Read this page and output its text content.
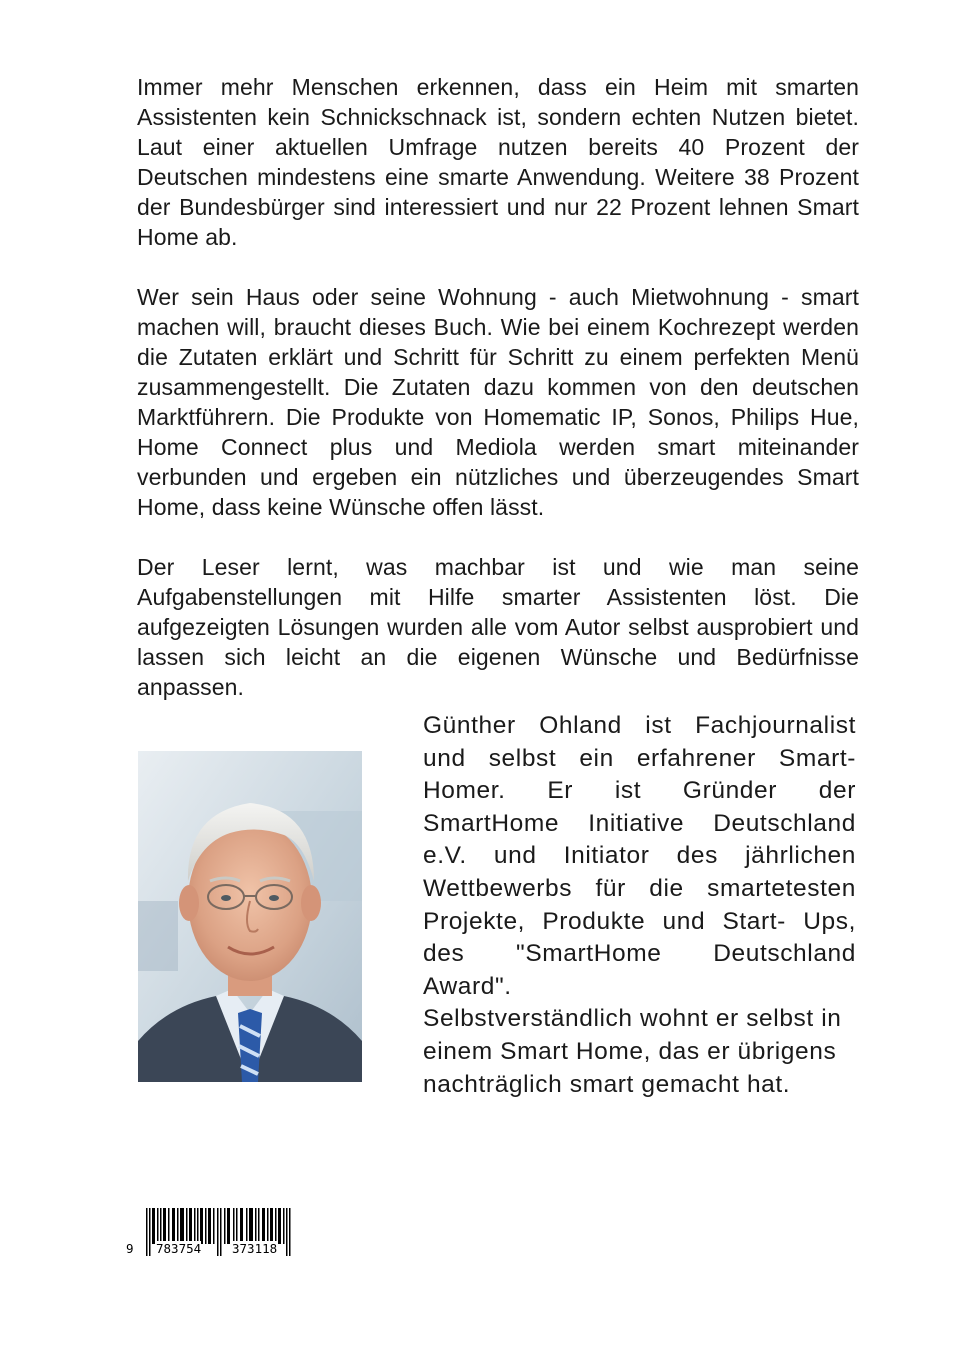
Immer mehr Menschen erkennen, dass ein Heim mit smarten Assistenten kein Schnickschnack ist, sondern echten Nutzen bietet. Laut einer aktuellen Umfrage nutzen bereits 40 Prozent der Deutschen mindestens eine smarte Anwendung. Weitere 38 Prozent der Bundesbürger sind interessiert und nur 22 Prozent lehnen Smart Home ab.

Wer sein Haus oder seine Wohnung - auch Mietwohnung - smart machen will, braucht dieses Buch. Wie bei einem Kochrezept werden die Zutaten erklärt und Schritt für Schritt zu einem perfekten Menü zusammengestellt. Die Zutaten dazu kommen von den deutschen Marktführern. Die Produkte von Homematic IP, Sonos, Philips Hue, Home Connect plus und Mediola werden smart miteinander verbunden und ergeben ein nützliches und überzeugendes Smart Home, dass keine Wünsche offen lässt.

Der Leser lernt, was machbar ist und wie man seine Aufgabenstellungen mit Hilfe smarter Assistenten löst. Die aufgezeigten Lösungen wurden alle vom Autor selbst ausprobiert und lassen sich leicht an die eigenen Wünsche und Bedürfnisse anpassen.

Günther Ohland ist Fachjournalist und selbst ein erfahrener Smart-Homer. Er ist Gründer der SmartHome Initiative Deutschland e.V. und Initiator des jährlichen Wettbewerbs für die smartetesten Projekte, Produkte und Start- Ups, des "SmartHome Deutschland Award".

Selbstverständlich wohnt er selbst in einem Smart Home, das er übrigens nachträglich smart gemacht hat.

9 783754 373118
